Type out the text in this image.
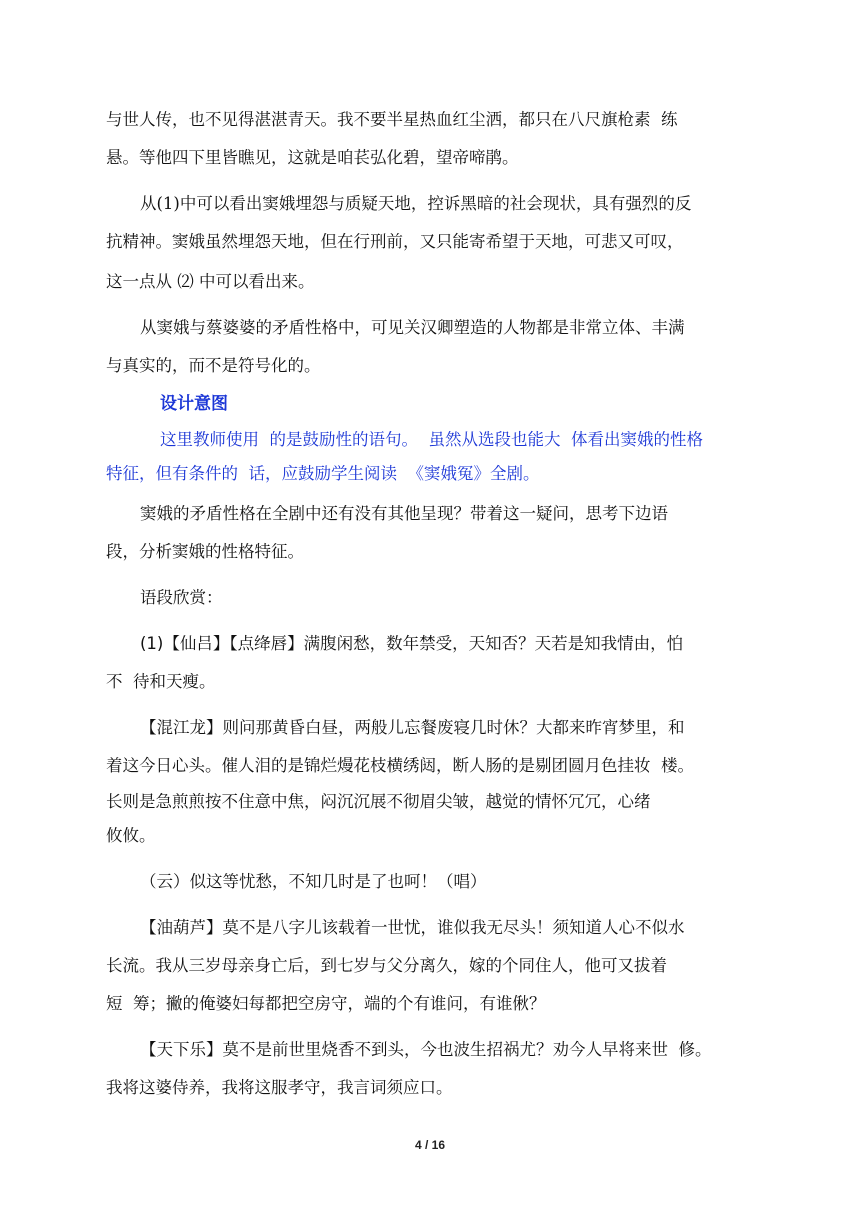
与世人传，也不见得湛湛青天。我不要半星热血红尘洒，都只在八尺旗枪素  练
悬。等他四下里皆瞧见，这就是咱苌弘化碧，望帝啼鹃。
从(1)中可以看出窦娥埋怨与质疑天地，控诉黑暗的社会现状，具有强烈的反
抗精神。窦娥虽然埋怨天地，但在行刑前，又只能寄希望于天地，可悲又可叹，
这一点从 ⑵ 中可以看出来。
从窦娥与蔡婆婆的矛盾性格中，可见关汉卿塑造的人物都是非常立体、丰满
与真实的，而不是符号化的。
设计意图
这里教师使用  的是鼓励性的语句。  虽然从选段也能大  体看出窦娥的性格
特征，但有条件的  话，应鼓励学生阅读  《窦娥冤》全剧。
窦娥的矛盾性格在全剧中还有没有其他呈现？带着这一疑问，思考下边语
段，分析窦娥的性格特征。
语段欣赏：
(1)【仙吕】【点绛唇】满腹闲愁，数年禁受，天知否？天若是知我情由，怕
不  待和天瘦。
【混江龙】则问那黄昏白昼，两般儿忘餐废寝几时休？大都来昨宵梦里，和
着这今日心头。催人泪的是锦烂熳花枝横绣闼，断人肠的是剔团圆月色挂妆  楼。
长则是急煎煎按不住意中焦，闷沉沉展不彻眉尖皱，越觉的情怀冗冗，心绪
攸攸。
（云）似这等忧愁，不知几时是了也呵！（唱）
【油葫芦】莫不是八字儿该载着一世忧，谁似我无尽头！须知道人心不似水
长流。我从三岁母亲身亡后，到七岁与父分离久，嫁的个同住人，他可又拔着
短  筹；撇的俺婆妇每都把空房守，端的个有谁问，有谁偢？
【天下乐】莫不是前世里烧香不到头，今也波生招祸尤？劝今人早将来世  修。
我将这婆侍养，我将这服孝守，我言词须应口。
4 / 16
